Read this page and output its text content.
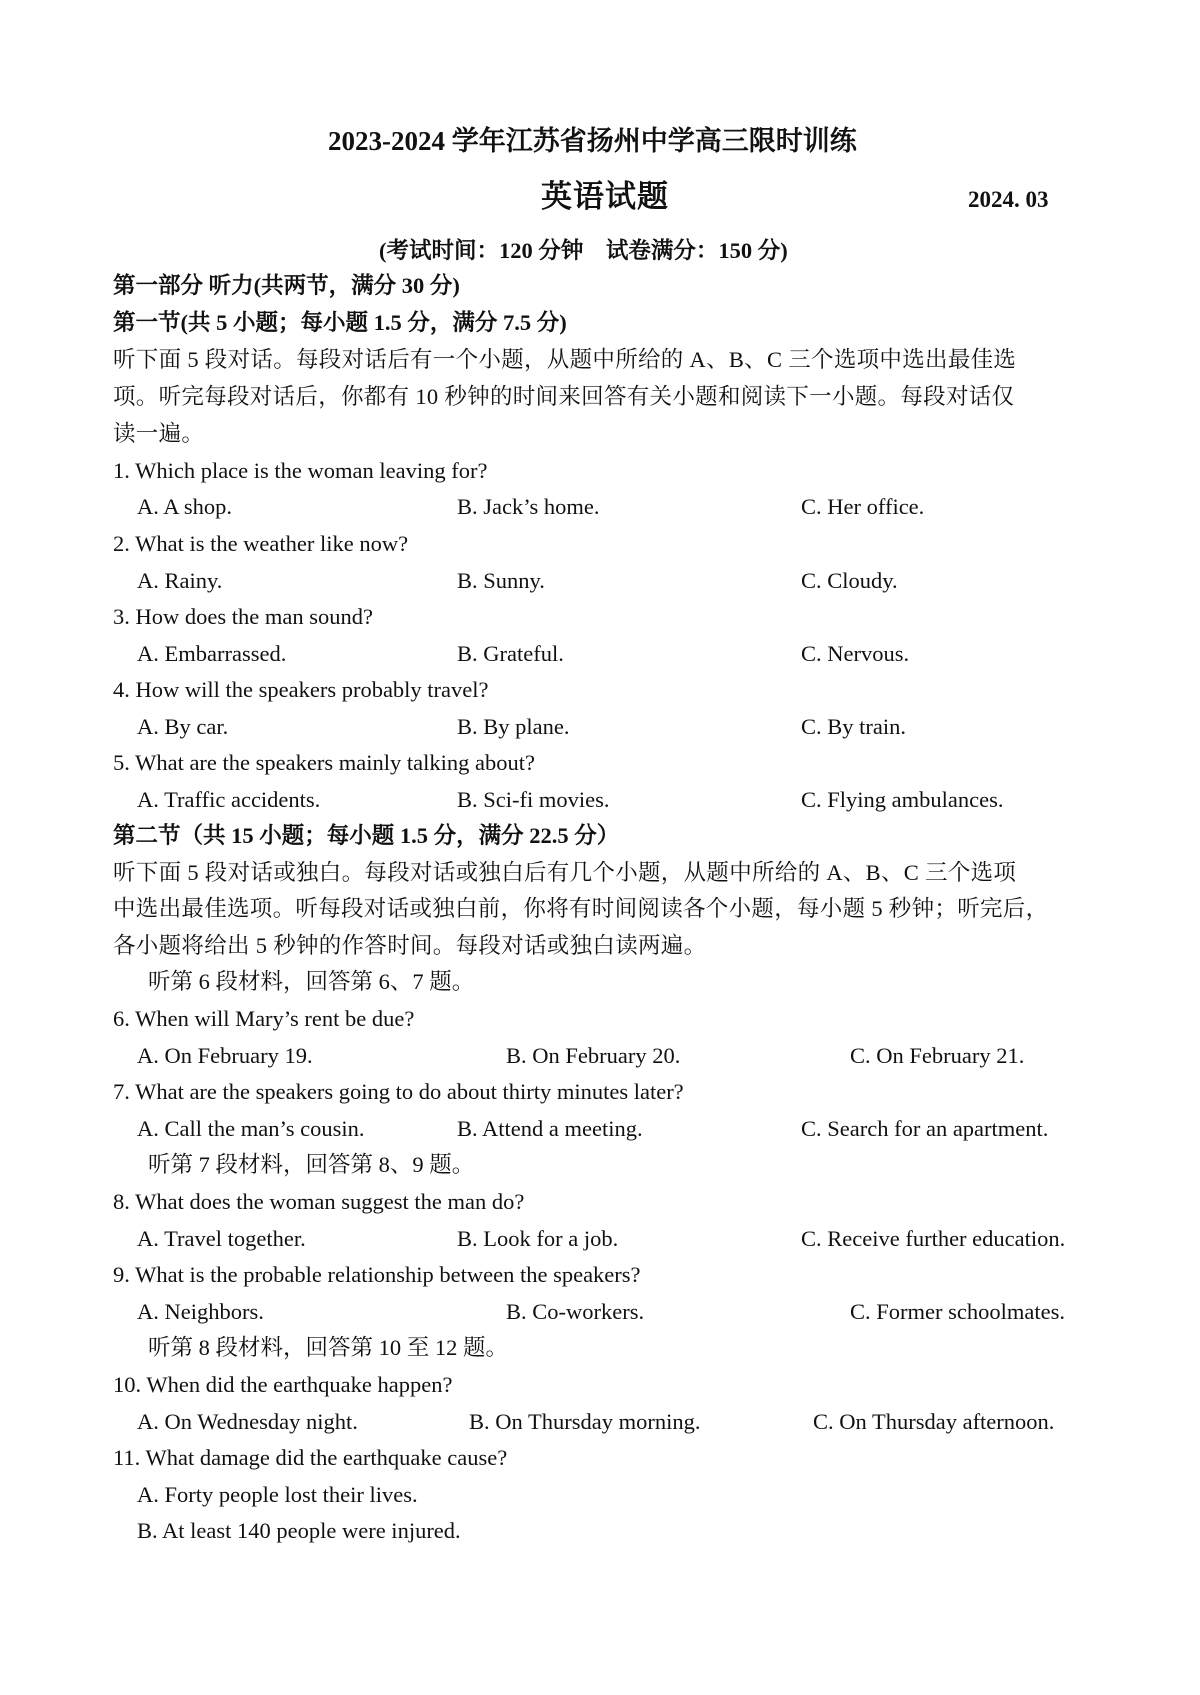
2023-2024 学年江苏省扬州中学高三限时训练
英语试题	2024. 03
(考试时间：120 分钟　试卷满分：150 分)
第一部分 听力(共两节，满分 30 分)
第一节(共 5 小题；每小题 1.5 分，满分 7.5 分)
听下面 5 段对话。每段对话后有一个小题，从题中所给的 A、B、C 三个选项中选出最佳选
项。听完每段对话后，你都有 10 秒钟的时间来回答有关小题和阅读下一小题。每段对话仅
读一遍。
1. Which place is the woman leaving for?
A. A shop.	B. Jack’s home.	C. Her office.
2. What is the weather like now?
A. Rainy.	B. Sunny.	C. Cloudy.
3. How does the man sound?
A. Embarrassed.	B. Grateful.	C. Nervous.
4. How will the speakers probably travel?
A. By car.	B. By plane.	C. By train.
5. What are the speakers mainly talking about?
A. Traffic accidents.	B. Sci-fi movies.	C. Flying ambulances.
第二节（共 15 小题；每小题 1.5 分，满分 22.5 分）
听下面 5 段对话或独白。每段对话或独白后有几个小题，从题中所给的 A、B、C 三个选项
中选出最佳选项。听每段对话或独白前，你将有时间阅读各个小题，每小题 5 秒钟；听完后，
各小题将给出 5 秒钟的作答时间。每段对话或独白读两遍。
听第 6 段材料，回答第 6、7 题。
6. When will Mary’s rent be due?
A. On February 19.	B. On February 20.	C. On February 21.
7. What are the speakers going to do about thirty minutes later?
A. Call the man’s cousin.	B. Attend a meeting.	C. Search for an apartment.
听第 7 段材料，回答第 8、9 题。
8. What does the woman suggest the man do?
A. Travel together.	B. Look for a job.	C. Receive further education.
9. What is the probable relationship between the speakers?
A. Neighbors.	B. Co-workers.	C. Former schoolmates.
听第 8 段材料，回答第 10 至 12 题。
10. When did the earthquake happen?
A. On Wednesday night.	B. On Thursday morning.	C. On Thursday afternoon.
11. What damage did the earthquake cause?
A. Forty people lost their lives.
B. At least 140 people were injured.
